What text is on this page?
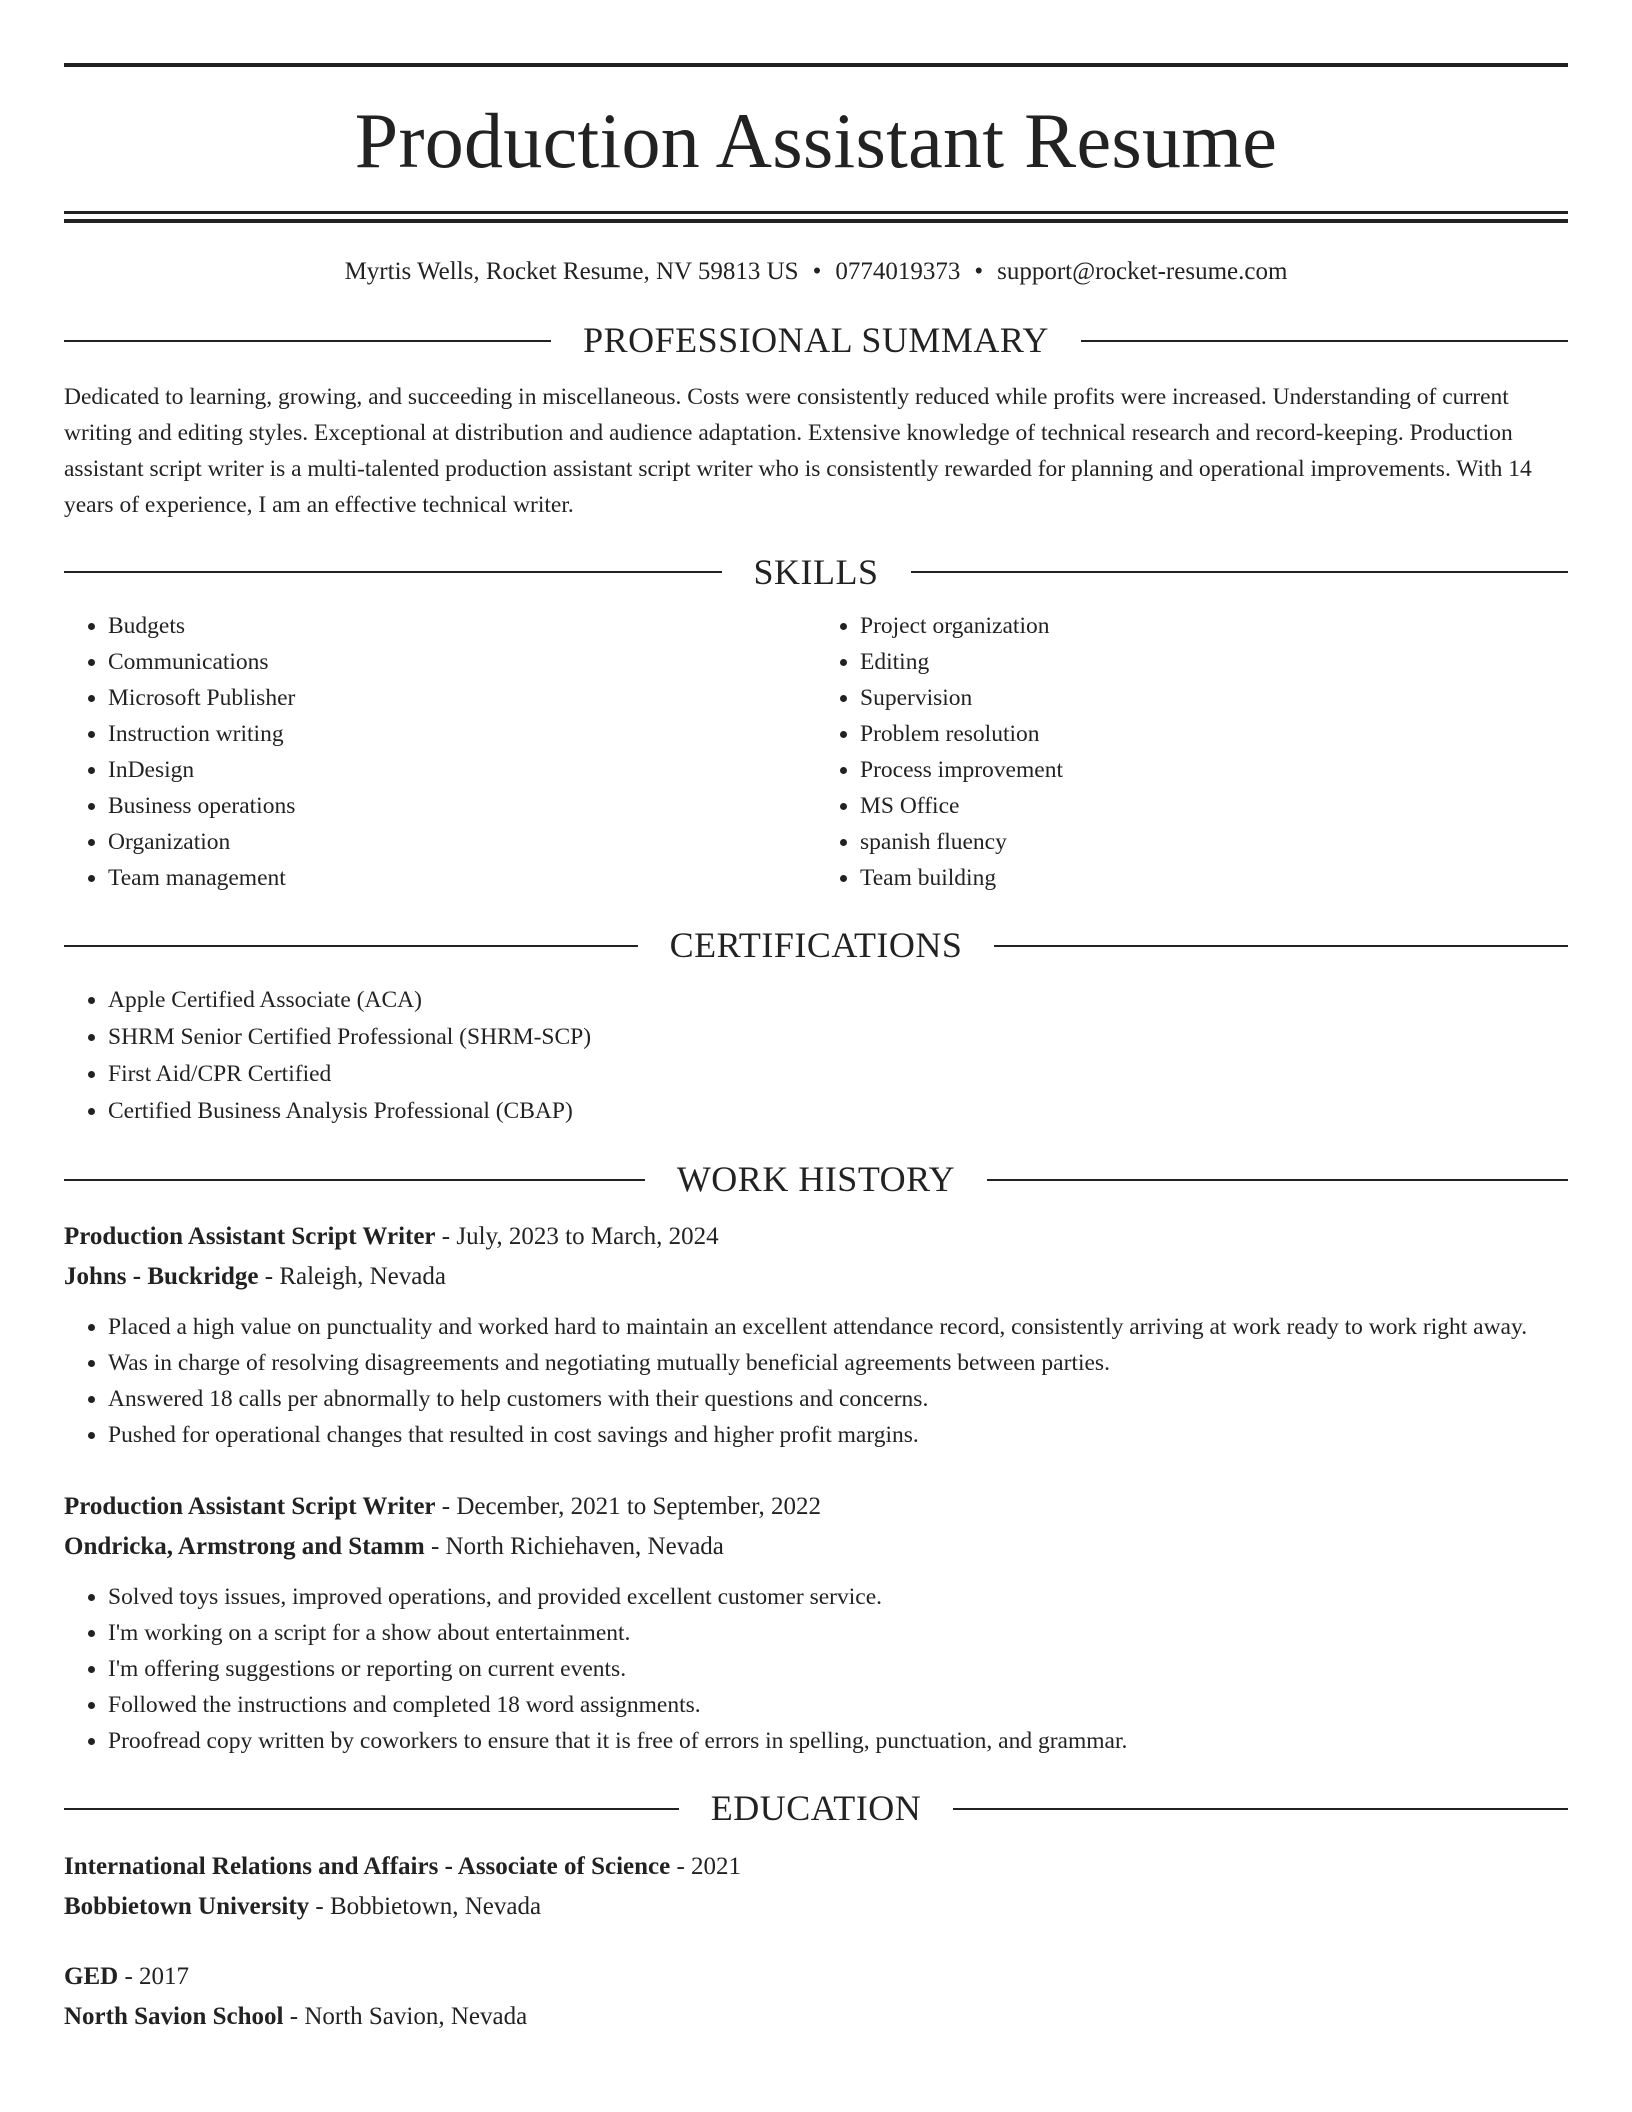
Production Assistant Resume
Myrtis Wells, Rocket Resume, NV 59813 US • 0774019373 • support@rocket-resume.com
PROFESSIONAL SUMMARY

Dedicated to learning, growing, and succeeding in miscellaneous. Costs were consistently reduced while profits were increased. Understanding of current writing and editing styles. Exceptional at distribution and audience adaptation. Extensive knowledge of technical research and record-keeping. Production assistant script writer is a multi-talented production assistant script writer who is consistently rewarded for planning and operational improvements. With 14 years of experience, I am an effective technical writer.

SKILLS
• Budgets
• Communications
• Microsoft Publisher
• Instruction writing
• InDesign
• Business operations
• Organization
• Team management
• Project organization
• Editing
• Supervision
• Problem resolution
• Process improvement
• MS Office
• spanish fluency
• Team building
CERTIFICATIONS
• Apple Certified Associate (ACA)
• SHRM Senior Certified Professional (SHRM-SCP)
• First Aid/CPR Certified
• Certified Business Analysis Professional (CBAP)
WORK HISTORY
Production Assistant Script Writer - July, 2023 to March, 2024
Johns - Buckridge - Raleigh, Nevada
• Placed a high value on punctuality and worked hard to maintain an excellent attendance record, consistently arriving at work ready to work right away.
• Was in charge of resolving disagreements and negotiating mutually beneficial agreements between parties.
• Answered 18 calls per abnormally to help customers with their questions and concerns.
• Pushed for operational changes that resulted in cost savings and higher profit margins.
Production Assistant Script Writer - December, 2021 to September, 2022
Ondricka, Armstrong and Stamm - North Richiehaven, Nevada
• Solved toys issues, improved operations, and provided excellent customer service.
• I'm working on a script for a show about entertainment.
• I'm offering suggestions or reporting on current events.
• Followed the instructions and completed 18 word assignments.
• Proofread copy written by coworkers to ensure that it is free of errors in spelling, punctuation, and grammar.
EDUCATION
International Relations and Affairs - Associate of Science - 2021
Bobbietown University - Bobbietown, Nevada
GED - 2017
North Savion School - North Savion, Nevada
